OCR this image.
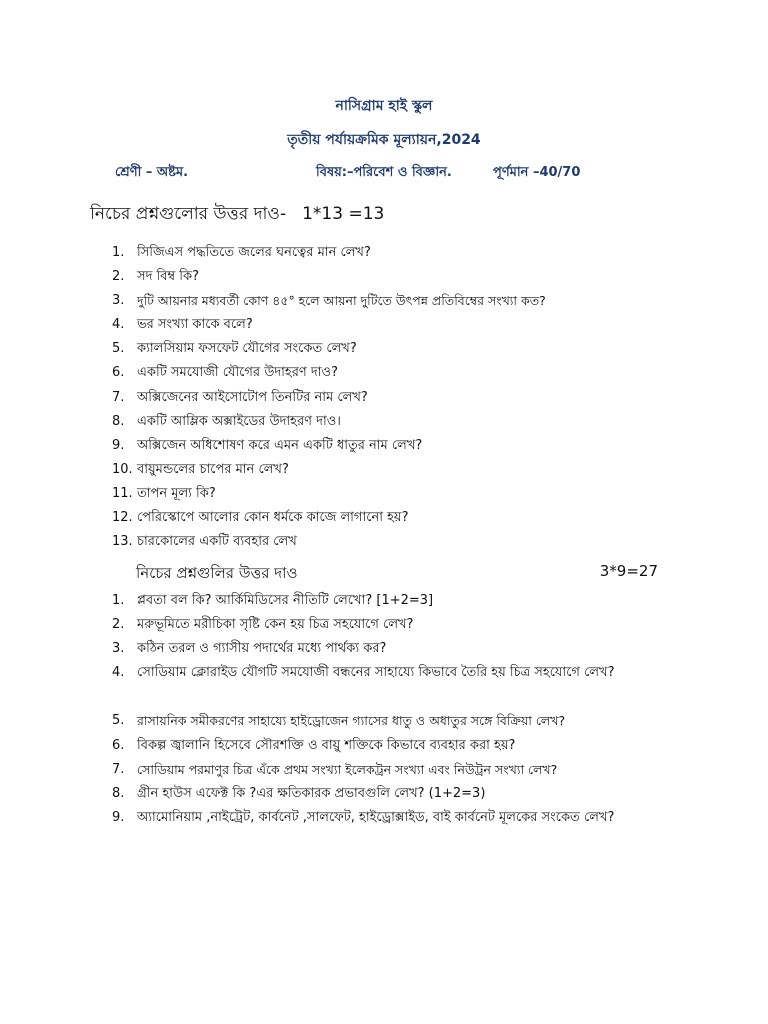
নাসিগ্রাম হাই স্কুল
তৃতীয় পর্যায়ক্রমিক মূল্যায়ন,2024
শ্রেণী – অষ্টম.	বিষয়:–পরিবেশ ও বিজ্ঞান.	পূর্ণমান –40/70
নিচের প্রশ্নগুলোর উত্তর দাও- 1*13 =13
1. সিজিএস পদ্ধতিতে জলের ঘনত্বের মান লেখ?
2. সদ বিম্ব কি?
3.	দুটি আয়নার মধ্যবর্তী কোণ ৪৫° হলে আয়না দুটিতে উৎপন্ন প্রতিবিম্বের সংখ্যা কত?
4. ভর সংখ্যা কাকে বলে?
5. ক্যালসিয়াম ফসফেট যৌগের সংকেত লেখ?
6. একটি সমযোজী যৌগের উদাহরণ দাও?
7. অক্সিজেনের আইসোটোপ তিনটির নাম লেখ?
8. একটি আম্লিক অক্সাইডের উদাহরণ দাও।
9. অক্সিজেন অধিশোষণ করে এমন একটি ধাতুর নাম লেখ?
10. বায়ুমন্ডলের চাপের মান লেখ?
11. তাপন মূল্য কি?
12. পেরিস্কোপে আলোর কোন ধর্মকে কাজে লাগানো হয়?
13. চারকোলের একটি ব্যবহার লেখ
নিচের প্রশ্নগুলির উত্তর দাও	3*9=27
1. প্লবতা বল কি? আর্কিমিডিসের নীতিটি লেখো? [1+2=3]
2. মরুভূমিতে মরীচিকা সৃষ্টি কেন হয় চিত্র সহযোগে লেখ?
3. কঠিন তরল ও গ্যাসীয় পদার্থের মধ্যে পার্থক্য কর?
4. সোডিয়াম ক্লোরাইড যৌগটি সমযোজী বন্ধনের সাহায্যে কিভাবে তৈরি হয় চিত্র সহযোগে লেখ?
5.	রাসায়নিক সমীকরণের সাহায্যে হাইড্রোজেন গ্যাসের ধাতু ও অধাতুর সঙ্গে বিক্রিয়া লেখ?
6. বিকল্প জ্বালানি হিসেবে সৌরশক্তি ও বায়ু শক্তিকে কিভাবে ব্যবহার করা হয়?
7.	সোডিয়াম পরমাণুর চিত্র এঁকে প্রথম সংখ্যা ইলেকট্রন সংখ্যা এবং নিউট্রন সংখ্যা লেখ?
8. গ্রীন হাউস এফেক্ট কি ?এর ক্ষতিকারক প্রভাবগুলি লেখ? (1+2=3)
9. অ্যামোনিয়াম ,নাইট্রেট, কার্বনেট ,সালফেট, হাইড্রোক্সাইড, বাই কার্বনেট মূলকের সংকেত লেখ?
